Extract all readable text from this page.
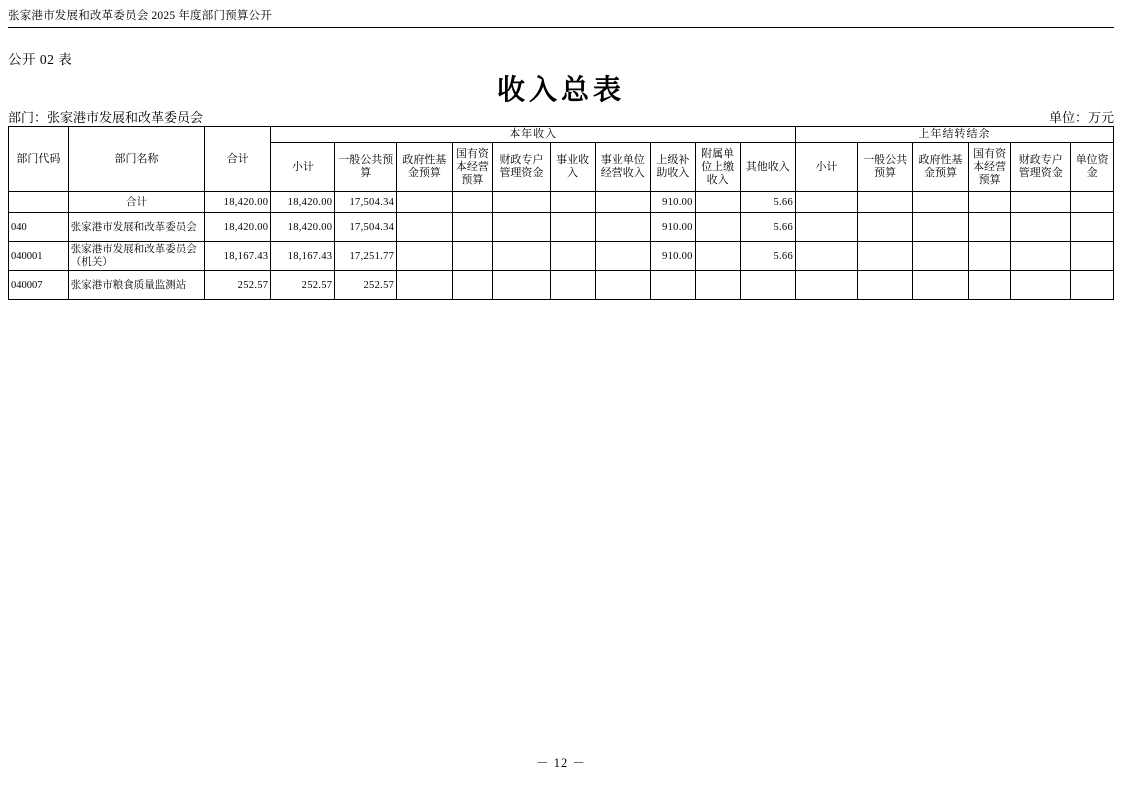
张家港市发展和改革委员会 2025 年度部门预算公开
公开 02 表
收入总表
部门：张家港市发展和改革委员会	单位：万元
部门代码	部门名称	合计	本年收入										上年结转结余					
			小计	一般公共预算	政府性基金预算	国有资本经营预算	财政专户管理资金	事业收入	事业单位经营收入	上级补助收入	附属单位上缴收入	其他收入	小计	一般公共预算	政府性基金预算	国有资本经营预算	财政专户管理资金	单位资金
	合计	18,420.00	18,420.00	17,504.34						910.00		5.66						
040	张家港市发展和改革委员会	18,420.00	18,420.00	17,504.34						910.00		5.66						
040001	张家港市发展和改革委员会（机关）	18,167.43	18,167.43	17,251.77						910.00		5.66						
040007	张家港市粮食质量监测站	252.57	252.57	252.57														
－ 12 －
